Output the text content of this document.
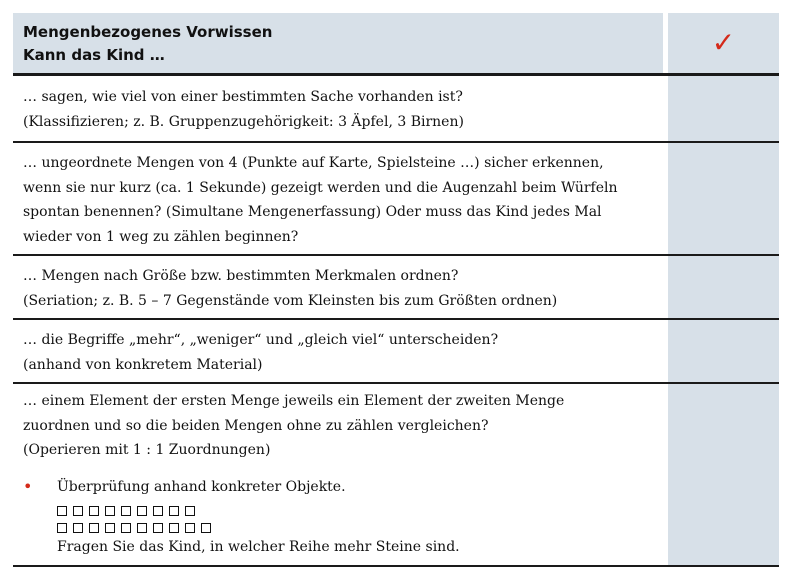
Mengenbezogenes Vorwissen
Kann das Kind …	✓
… sagen, wie viel von einer bestimmten Sache vorhanden ist?
(Klassifizieren; z. B. Gruppenzugehörigkeit: 3 Äpfel, 3 Birnen)
… ungeordnete Mengen von 4 (Punkte auf Karte, Spielsteine …) sicher erkennen,
wenn sie nur kurz (ca. 1 Sekunde) gezeigt werden und die Augenzahl beim Würfeln
spontan benennen? (Simultane Mengenerfassung) Oder muss das Kind jedes Mal
wieder von 1 weg zu zählen beginnen?
… Mengen nach Größe bzw. bestimmten Merkmalen ordnen?
(Seriation; z. B. 5 – 7 Gegenstände vom Kleinsten bis zum Größten ordnen)
… die Begriffe „mehr“, „weniger“ und „gleich viel“ unterscheiden?
(anhand von konkretem Material)
… einem Element der ersten Menge jeweils ein Element der zweiten Menge
zuordnen und so die beiden Mengen ohne zu zählen vergleichen?
(Operieren mit 1 : 1 Zuordnungen)
•	Überprüfung anhand konkreter Objekte.
Fragen Sie das Kind, in welcher Reihe mehr Steine sind.
